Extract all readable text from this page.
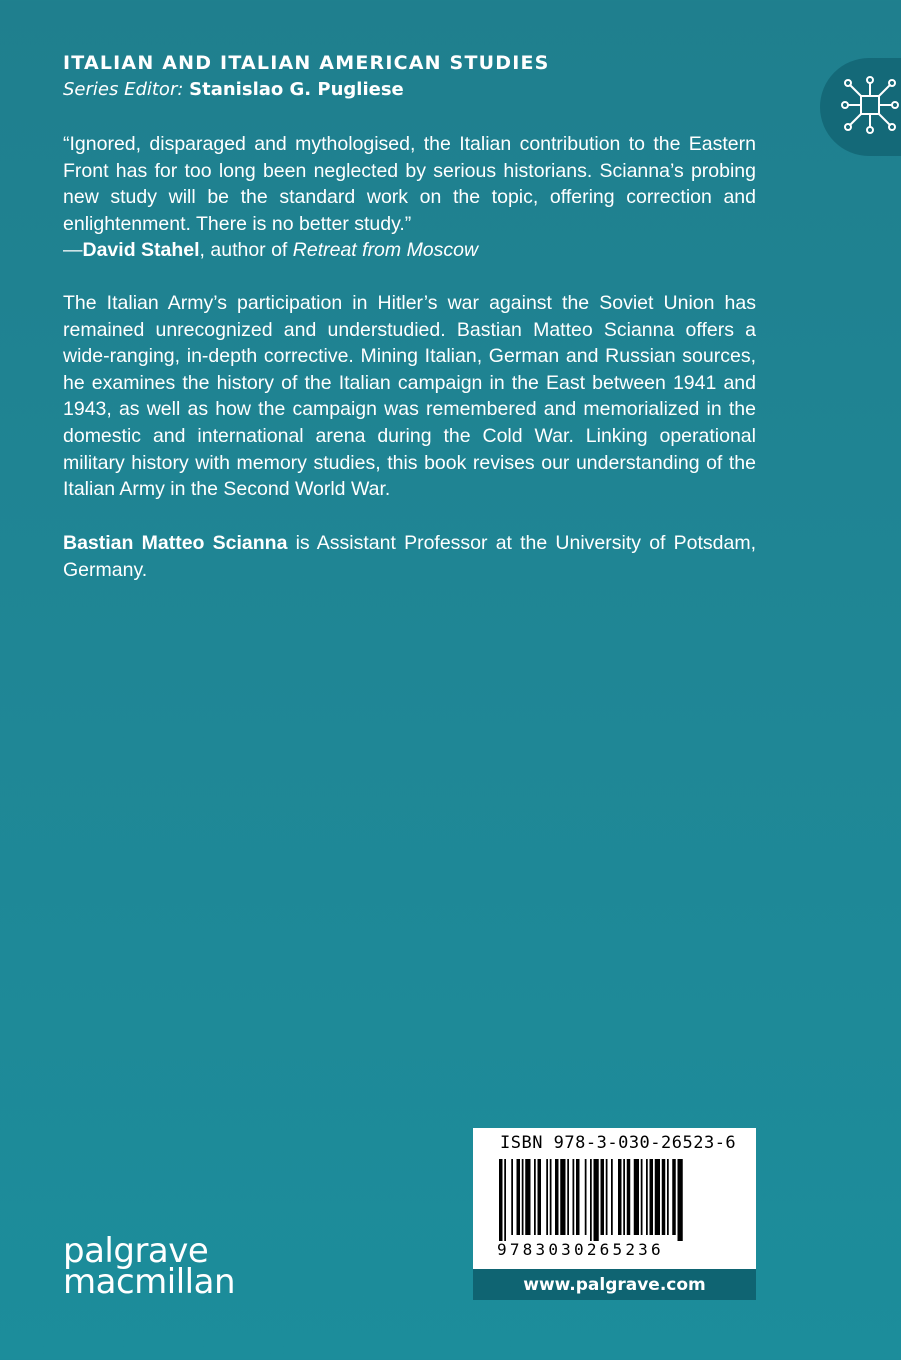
ITALIAN AND ITALIAN AMERICAN STUDIES

Series Editor: Stanislao G. Pugliese

“Ignored, disparaged and mythologised, the Italian contribution to the Eastern Front has for too long been neglected by serious historians. Scianna’s probing new study will be the standard work on the topic, offering correction and enlightenment. There is no better study.”

—David Stahel, author of Retreat from Moscow

The Italian Army’s participation in Hitler’s war against the Soviet Union has remained unrecognized and understudied. Bastian Matteo Scianna offers a wide-ranging, in-depth corrective. Mining Italian, German and Russian sources, he examines the history of the Italian campaign in the East between 1941 and 1943, as well as how the campaign was remembered and memorialized in the domestic and international arena during the Cold War. Linking operational military history with memory studies, this book revises our understanding of the Italian Army in the Second World War.

Bastian Matteo Scianna is Assistant Professor at the University of Potsdam, Germany.

ISBN 978-3-030-26523-6

9783030265236

www.palgrave.com

palgrave
macmillan
